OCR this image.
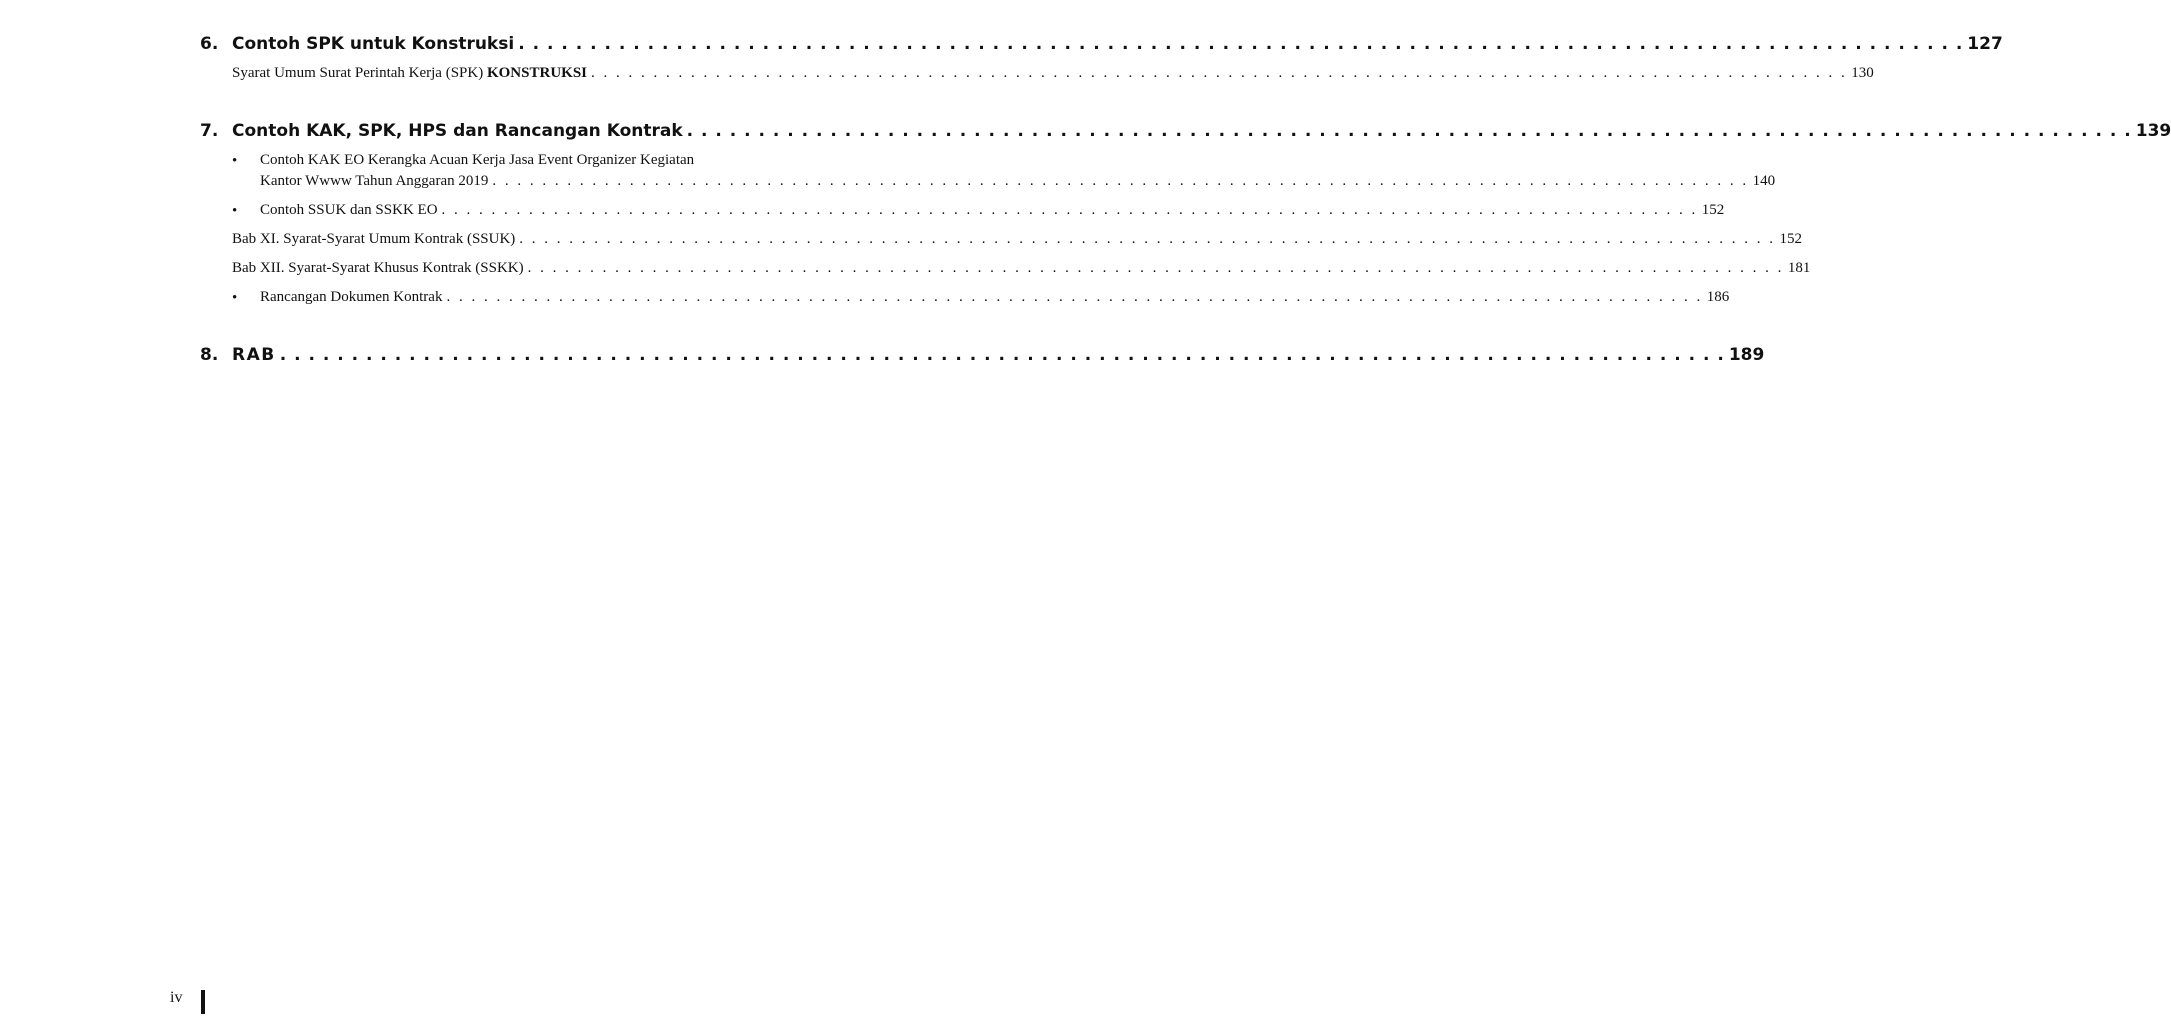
6. Contoh SPK untuk Konstruksi . . . . . . . . . . . . . . . . . . . . . . . . . . . . . . . . . . . . . . . . . . . . . . . . . . . . . . . . . . . . . . . . . . . . . . . . . . . . . . . . . . . . . . . . . . . . . . . . . . . . . 127
Syarat Umum Surat Perintah Kerja (SPK) KONSTRUKSI . . . . . . . . . . . . . . . . . . . . . . . . . . . . . . . . . . . . . . . . . . . . . . . . . . . . . . . . . . . . . . . . . . . . . . . . . . . . . . . . . . . . . . . . . . . . . . . . . . . . . 130
7. Contoh KAK, SPK, HPS dan Rancangan Kontrak . . . . . . . . . . . . . . . . . . . . . . . . . . . . . . . . . . . . . . . . . . . . . . . . . . . . . . . . . . . . . . . . . . . . . . . . . . . . . . . . . . . . . . . . . . . . . . . . . . . . . 139
• Contoh KAK EO Kerangka Acuan Kerja Jasa Event Organizer Kegiatan
Kantor Wwww Tahun Anggaran 2019 . . . . . . . . . . . . . . . . . . . . . . . . . . . . . . . . . . . . . . . . . . . . . . . . . . . . . . . . . . . . . . . . . . . . . . . . . . . . . . . . . . . . . . . . . . . . . . . . . . . . . 140
• Contoh SSUK dan SSKK EO . . . . . . . . . . . . . . . . . . . . . . . . . . . . . . . . . . . . . . . . . . . . . . . . . . . . . . . . . . . . . . . . . . . . . . . . . . . . . . . . . . . . . . . . . . . . . . . . . . . . . 152
Bab XI. Syarat-Syarat Umum Kontrak (SSUK) . . . . . . . . . . . . . . . . . . . . . . . . . . . . . . . . . . . . . . . . . . . . . . . . . . . . . . . . . . . . . . . . . . . . . . . . . . . . . . . . . . . . . . . . . . . . . . . . . . . . . 152
Bab XII. Syarat-Syarat Khusus Kontrak (SSKK) . . . . . . . . . . . . . . . . . . . . . . . . . . . . . . . . . . . . . . . . . . . . . . . . . . . . . . . . . . . . . . . . . . . . . . . . . . . . . . . . . . . . . . . . . . . . . . . . . . . . . 181
• Rancangan Dokumen Kontrak . . . . . . . . . . . . . . . . . . . . . . . . . . . . . . . . . . . . . . . . . . . . . . . . . . . . . . . . . . . . . . . . . . . . . . . . . . . . . . . . . . . . . . . . . . . . . . . . . . . . . 186
8. RAB . . . . . . . . . . . . . . . . . . . . . . . . . . . . . . . . . . . . . . . . . . . . . . . . . . . . . . . . . . . . . . . . . . . . . . . . . . . . . . . . . . . . . . . . . . . . . . . . . . . . . 189
iv
